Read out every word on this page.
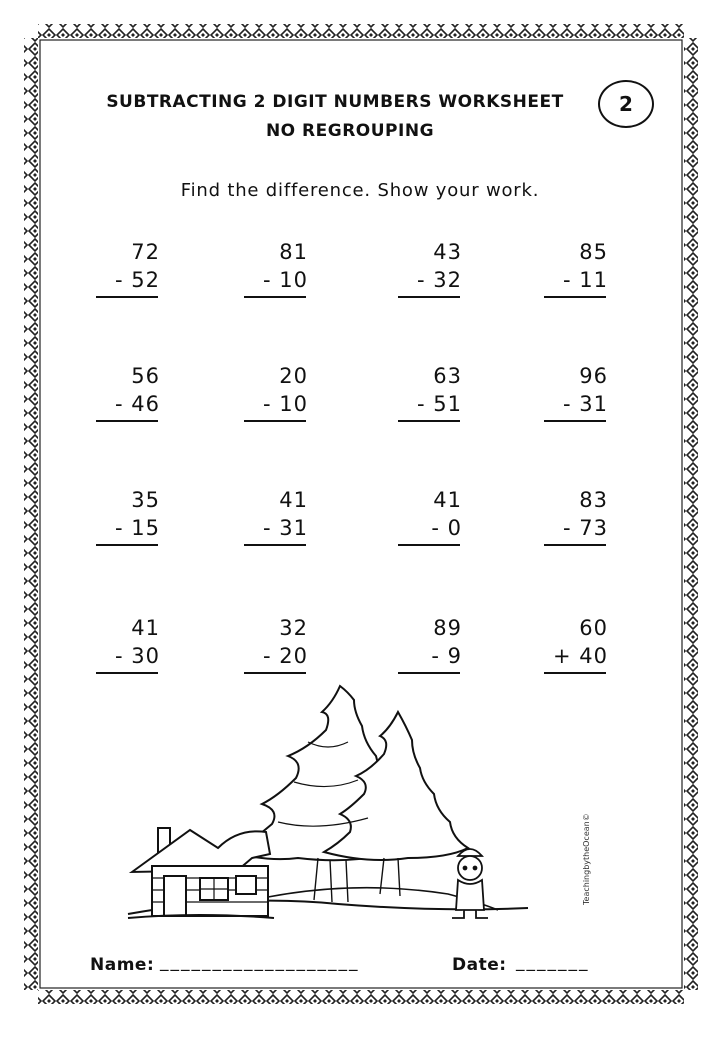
SUBTRACTING 2 DIGIT NUMBERS WORKSHEET
NO REGROUPING
2
Find the difference. Show your work.
72
- 52
81
- 10
43
- 32
85
- 11
56
- 46
20
- 10
63
- 51
96
- 31
35
- 15
41
- 31
41
- 0
83
- 73
41
- 30
32
- 20
89
- 9
60
+ 40
Name: ___________________	Date: _______
TeachingbytheOcean©
